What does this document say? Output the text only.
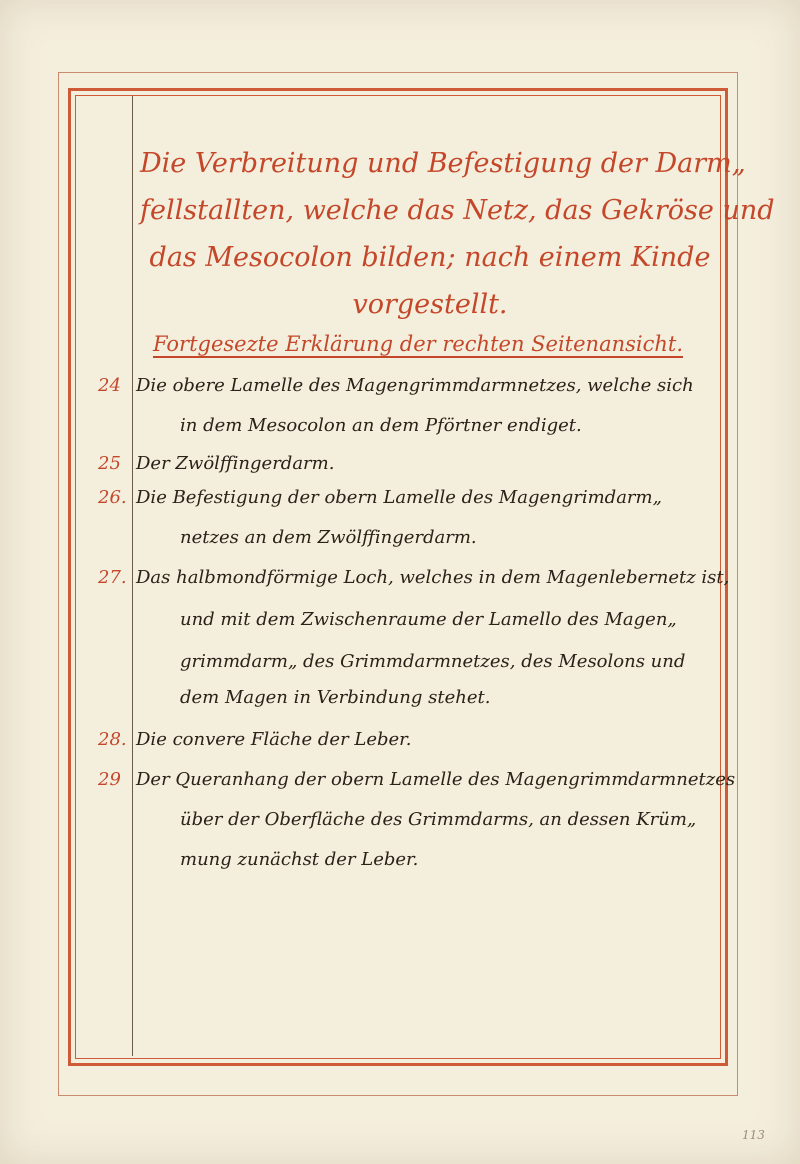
Die Verbreitung und Befestigung der Darm„
fellstallten, welche das Netz, das Gekröse und
das Mesocolon bilden; nach einem Kinde
vorgestellt.

Fortgesezte Erklärung der rechten Seitenansicht.

24 Die obere Lamelle des Magengrimmdarmnetzes, welche sich
in dem Mesocolon an dem Pförtner endiget.
25 Der Zwölffingerdarm.
26. Die Befestigung der obern Lamelle des Magengrimdarm„
netzes an dem Zwölffingerdarm.
27. Das halbmondförmige Loch, welches in dem Magenlebernetz ist,
und mit dem Zwischenraume der Lamello des Magen„
grimmdarm„ des Grimmdarmnetzes, des Mesolons und
dem Magen in Verbindung stehet.
28. Die convere Fläche der Leber.
29 Der Queranhang der obern Lamelle des Magengrimmdarmnetzes
über der Oberfläche des Grimmdarms, an dessen Krüm„
mung zunächst der Leber.
113
